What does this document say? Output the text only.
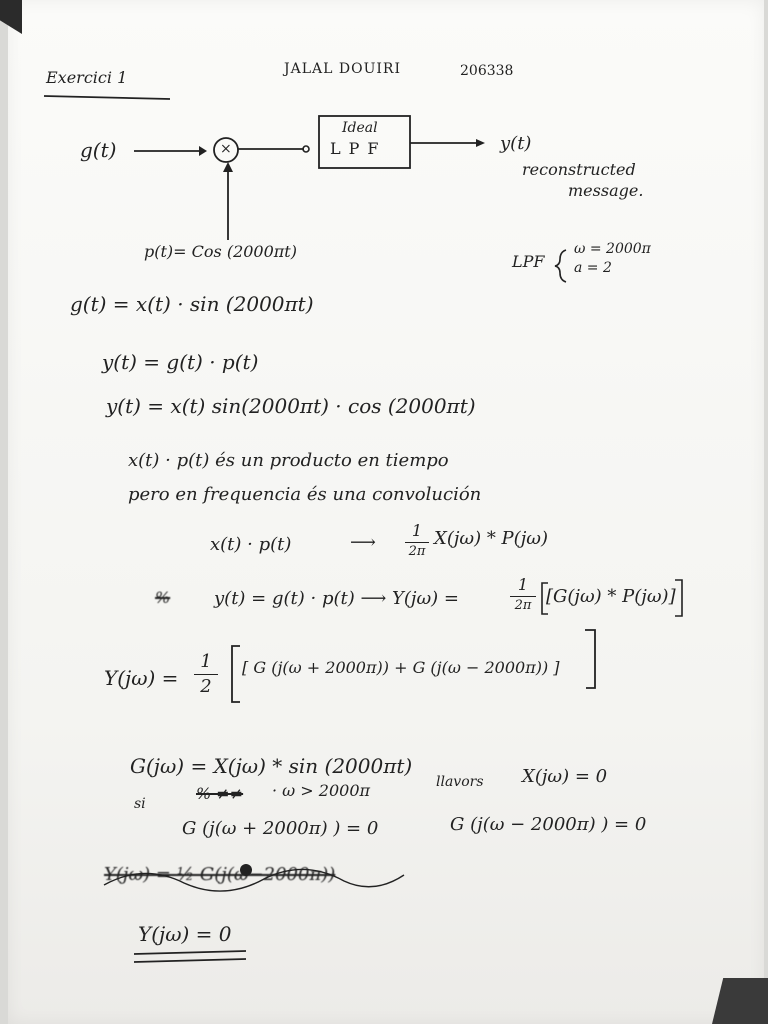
Exercici 1	JALAL DOUIRI	206338
g(t)	×
Ideal
LPF	y(t)
reconstructed
message.
p(t)= Cos (2000πt)
LPF
ω = 2000π
a = 2
g(t) = x(t) · sin (2000πt)
y(t) = g(t) · p(t)
y(t) = x(t) sin(2000πt) · cos (2000πt)
x(t) · p(t) és un producto en tiempo
pero en frequencia és una convolución
x(t) · p(t)	⟶
1
2π
X(jω) * P(jω)
% y(t) = g(t) · p(t) ⟶ Y(jω) =
1
2π [G(jω) * P(jω)]
Y(jω) =
1
2
[ G (j(ω + 2000π)) + G (j(ω − 2000π)) ]
G(jω) = X(jω) * sin (2000πt)
si
% ≠≠ · ω > 2000π	llavors X(jω) = 0
G (j(ω + 2000π) ) = 0	G (j(ω − 2000π) ) = 0
Y(jω) = ½ G(j(ω−2000π))
Y(jω) = 0
